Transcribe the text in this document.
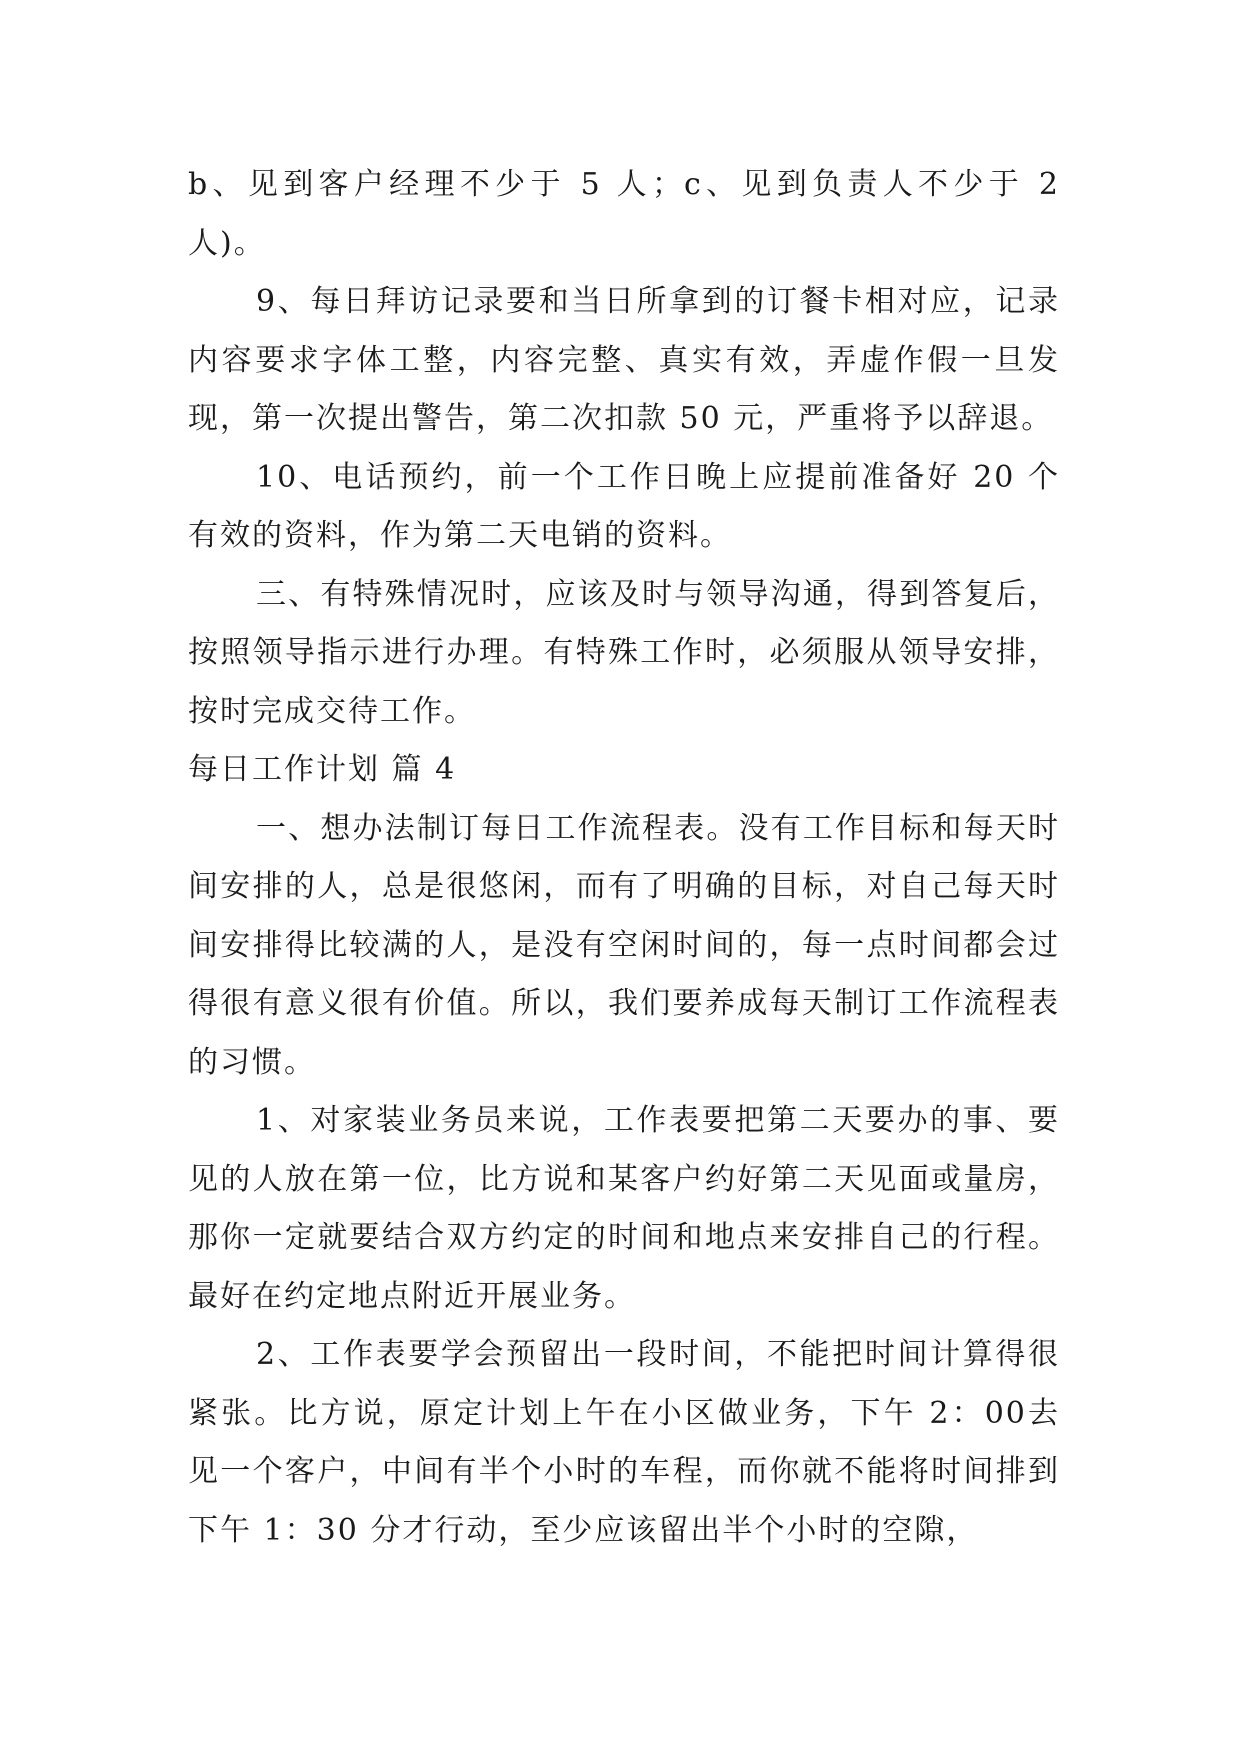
b、见到客户经理不少于 5 人；c、见到负责人不少于 2 人)。

9、每日拜访记录要和当日所拿到的订餐卡相对应，记录内容要求字体工整，内容完整、真实有效，弄虚作假一旦发现，第一次提出警告，第二次扣款 50 元，严重将予以辞退。

10、电话预约，前一个工作日晚上应提前准备好 20 个有效的资料，作为第二天电销的资料。

三、有特殊情况时，应该及时与领导沟通，得到答复后，按照领导指示进行办理。有特殊工作时，必须服从领导安排，按时完成交待工作。

每日工作计划 篇 4

一、想办法制订每日工作流程表。没有工作目标和每天时间安排的人，总是很悠闲，而有了明确的目标，对自己每天时间安排得比较满的人，是没有空闲时间的，每一点时间都会过得很有意义很有价值。所以，我们要养成每天制订工作流程表的习惯。

1、对家装业务员来说，工作表要把第二天要办的事、要见的人放在第一位，比方说和某客户约好第二天见面或量房，那你一定就要结合双方约定的时间和地点来安排自己的行程。最好在约定地点附近开展业务。

2、工作表要学会预留出一段时间，不能把时间计算得很紧张。比方说，原定计划上午在小区做业务，下午 2：00去见一个客户，中间有半个小时的车程，而你就不能将时间排到下午 1：30 分才行动，至少应该留出半个小时的空隙，
